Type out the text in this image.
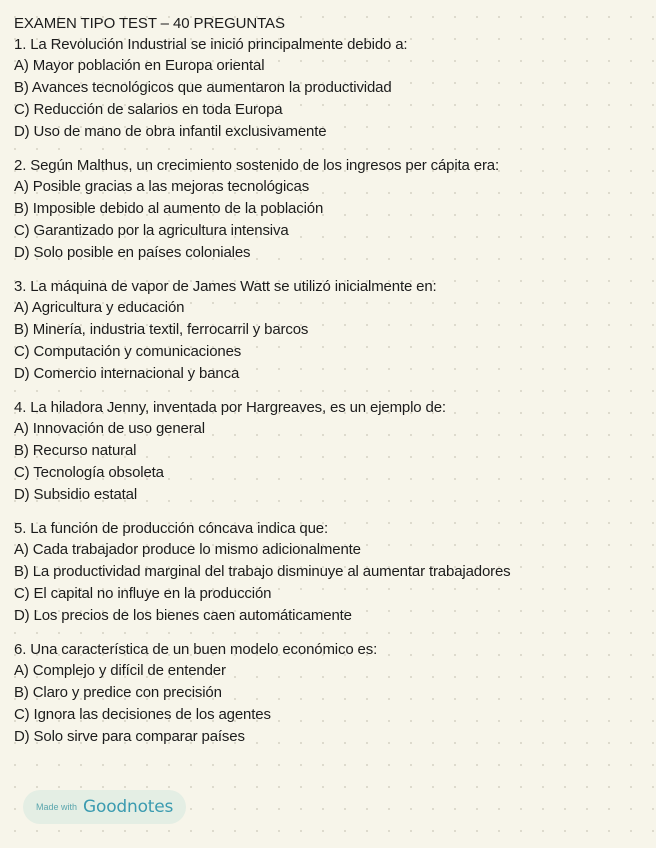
EXAMEN TIPO TEST – 40 PREGUNTAS
1. La Revolución Industrial se inició principalmente debido a:
A) Mayor población en Europa oriental
B) Avances tecnológicos que aumentaron la productividad
C) Reducción de salarios en toda Europa
D) Uso de mano de obra infantil exclusivamente
2. Según Malthus, un crecimiento sostenido de los ingresos per cápita era:
A) Posible gracias a las mejoras tecnológicas
B) Imposible debido al aumento de la población
C) Garantizado por la agricultura intensiva
D) Solo posible en países coloniales
3. La máquina de vapor de James Watt se utilizó inicialmente en:
A) Agricultura y educación
B) Minería, industria textil, ferrocarril y barcos
C) Computación y comunicaciones
D) Comercio internacional y banca
4. La hiladora Jenny, inventada por Hargreaves, es un ejemplo de:
A) Innovación de uso general
B) Recurso natural
C) Tecnología obsoleta
D) Subsidio estatal
5. La función de producción cóncava indica que:
A) Cada trabajador produce lo mismo adicionalmente
B) La productividad marginal del trabajo disminuye al aumentar trabajadores
C) El capital no influye en la producción
D) Los precios de los bienes caen automáticamente
6. Una característica de un buen modelo económico es:
A) Complejo y difícil de entender
B) Claro y predice con precisión
C) Ignora las decisiones de los agentes
D) Solo sirve para comparar países
Made with Goodnotes
